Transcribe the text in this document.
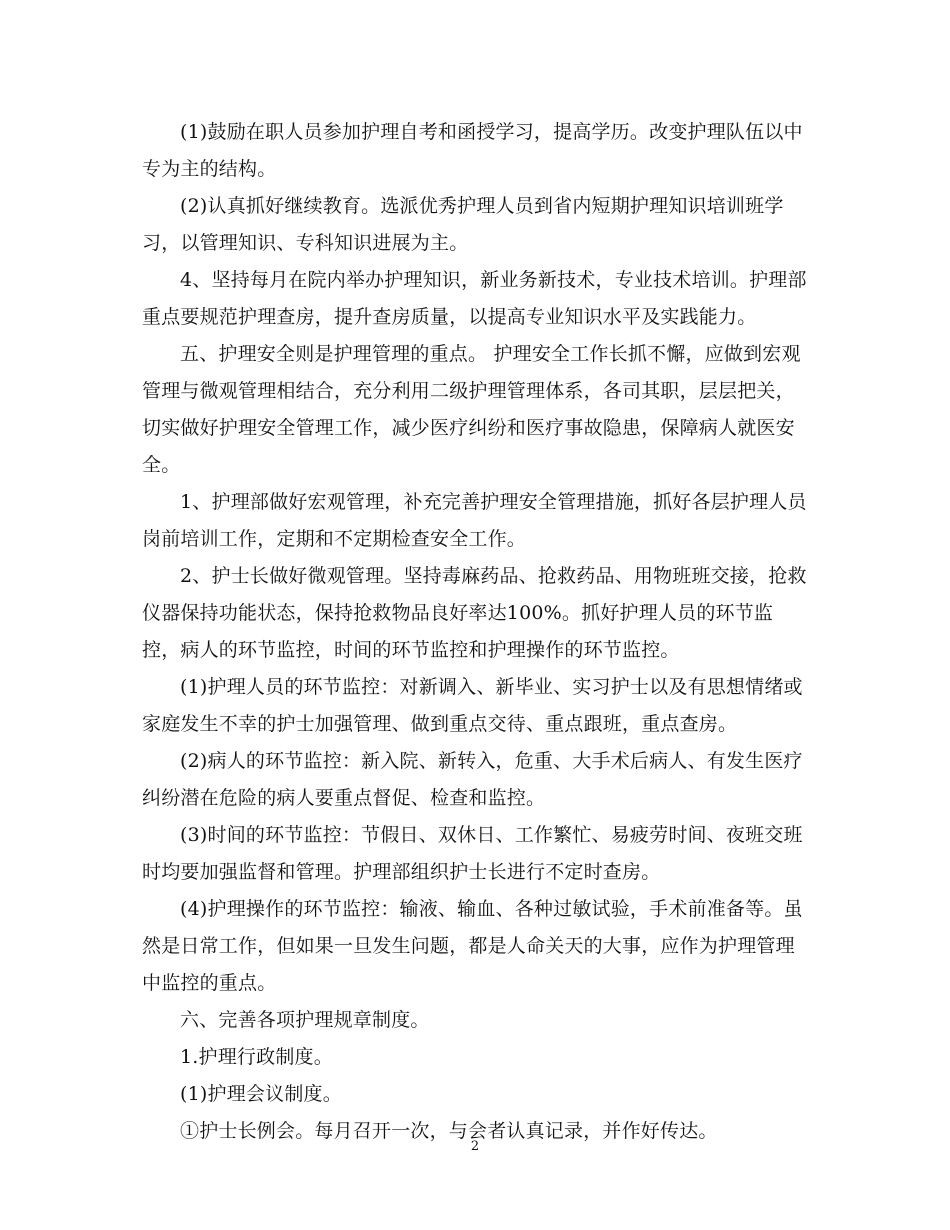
(1)鼓励在职人员参加护理自考和函授学习，提高学历。改变护理队伍以中专为主的结构。

(2)认真抓好继续教育。选派优秀护理人员到省内短期护理知识培训班学习，以管理知识、专科知识进展为主。

4、坚持每月在院内举办护理知识，新业务新技术，专业技术培训。护理部重点要规范护理查房，提升查房质量，以提高专业知识水平及实践能力。

五、护理安全则是护理管理的重点。 护理安全工作长抓不懈，应做到宏观管理与微观管理相结合，充分利用二级护理管理体系，各司其职，层层把关，切实做好护理安全管理工作，减少医疗纠纷和医疗事故隐患，保障病人就医安全。

1、护理部做好宏观管理，补充完善护理安全管理措施，抓好各层护理人员岗前培训工作，定期和不定期检查安全工作。

2、护士长做好微观管理。坚持毒麻药品、抢救药品、用物班班交接，抢救仪器保持功能状态，保持抢救物品良好率达100%。抓好护理人员的环节监控，病人的环节监控，时间的环节监控和护理操作的环节监控。

(1)护理人员的环节监控：对新调入、新毕业、实习护士以及有思想情绪或家庭发生不幸的护士加强管理、做到重点交待、重点跟班，重点查房。

(2)病人的环节监控：新入院、新转入，危重、大手术后病人、有发生医疗纠纷潜在危险的病人要重点督促、检查和监控。

(3)时间的环节监控：节假日、双休日、工作繁忙、易疲劳时间、夜班交班时均要加强监督和管理。护理部组织护士长进行不定时查房。

(4)护理操作的环节监控：输液、输血、各种过敏试验，手术前准备等。虽然是日常工作，但如果一旦发生问题，都是人命关天的大事，应作为护理管理中监控的重点。

六、完善各项护理规章制度。

1.护理行政制度。

(1)护理会议制度。

①护士长例会。每月召开一次，与会者认真记录，并作好传达。

2
